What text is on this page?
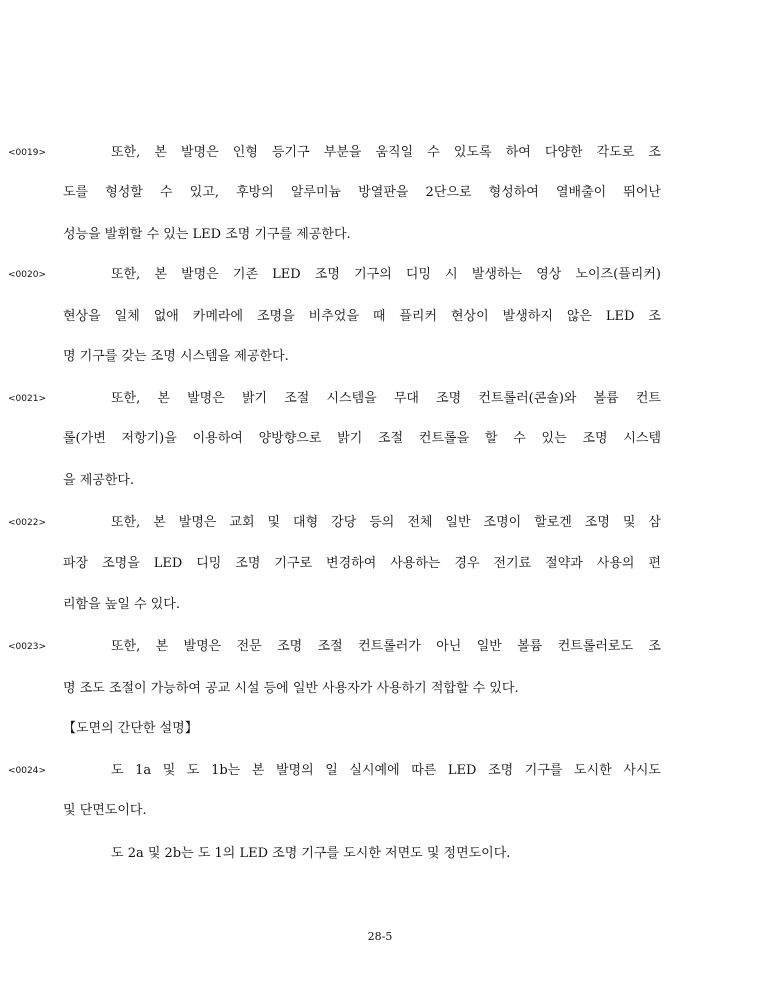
<0019>	또한, 본 발명은 인형 등기구 부분을 움직일 수 있도록 하여 다양한 각도로 조
도를 형성할 수 있고, 후방의 알루미늄 방열판을 2단으로 형성하여 열배출이 뛰어난
성능을 발휘할 수 있는 LED 조명 기구를 제공한다.
<0020>	또한, 본 발명은 기존 LED 조명 기구의 디밍 시 발생하는 영상 노이즈(플리커)
현상을 일체 없애 카메라에 조명을 비추었을 때 플리커 현상이 발생하지 않은 LED 조
명 기구를 갖는 조명 시스템을 제공한다.
<0021>	또한, 본 발명은 밝기 조절 시스템을 무대 조명 컨트롤러(콘솔)와 볼륨 컨트
롤(가변 저항기)을 이용하여 양방향으로 밝기 조절 컨트롤을 할 수 있는 조명 시스템
을 제공한다.
<0022>	또한, 본 발명은 교회 및 대형 강당 등의 전체 일반 조명이 할로겐 조명 및 삼
파장 조명을 LED 디밍 조명 기구로 변경하여 사용하는 경우 전기료 절약과 사용의 편
리함을 높일 수 있다.
<0023>	또한, 본 발명은 전문 조명 조절 컨트롤러가 아닌 일반 볼륨 컨트롤러로도 조
명 조도 조절이 가능하여 공교 시설 등에 일반 사용자가 사용하기 적합할 수 있다.
【도면의 간단한 설명】
<0024>	도 1a 및 도 1b는 본 발명의 일 실시예에 따른 LED 조명 기구를 도시한 사시도
및 단면도이다.
도 2a 및 2b는 도 1의 LED 조명 기구를 도시한 저면도 및 정면도이다.
28-5
